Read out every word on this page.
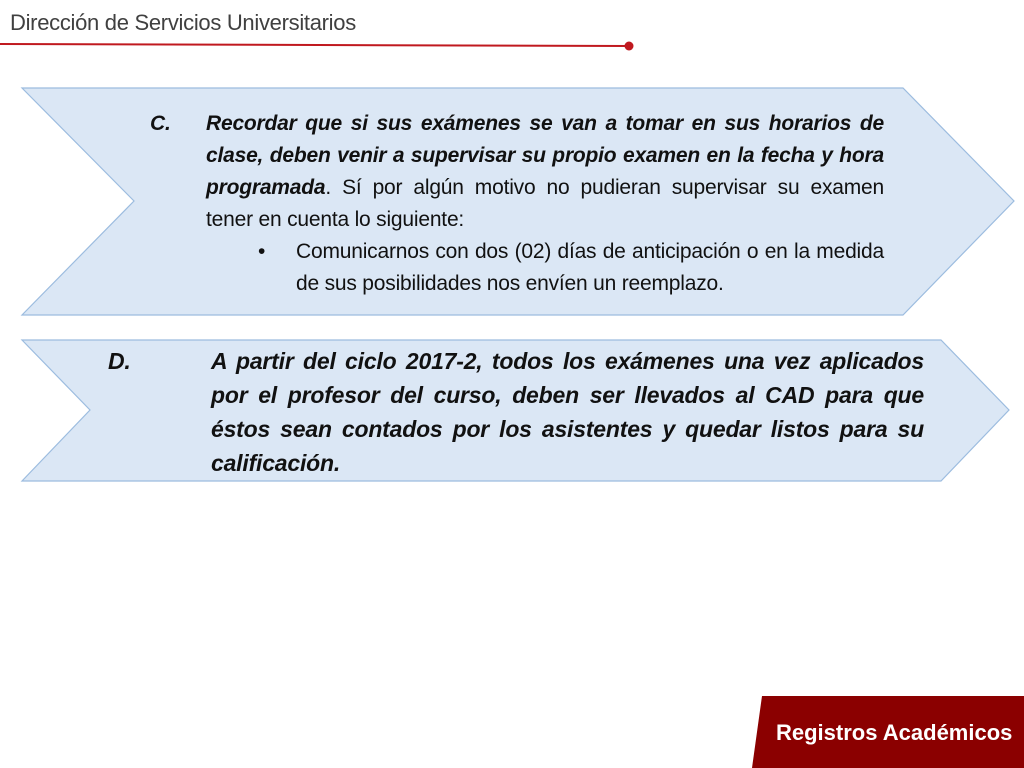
Dirección de Servicios Universitarios
C.	Recordar que si sus exámenes se van a tomar en sus horarios de clase, deben venir a supervisar su propio examen en la fecha y hora programada. Sí por algún motivo no pudieran supervisar su examen tener en cuenta lo siguiente:
•	Comunicarnos con dos (02) días de anticipación o en la medida de sus posibilidades nos envíen un reemplazo.
D.	A partir del ciclo 2017-2, todos los exámenes una vez aplicados por el profesor del curso, deben ser llevados al CAD para que éstos sean contados por los asistentes y quedar listos para su calificación.
Registros Académicos
